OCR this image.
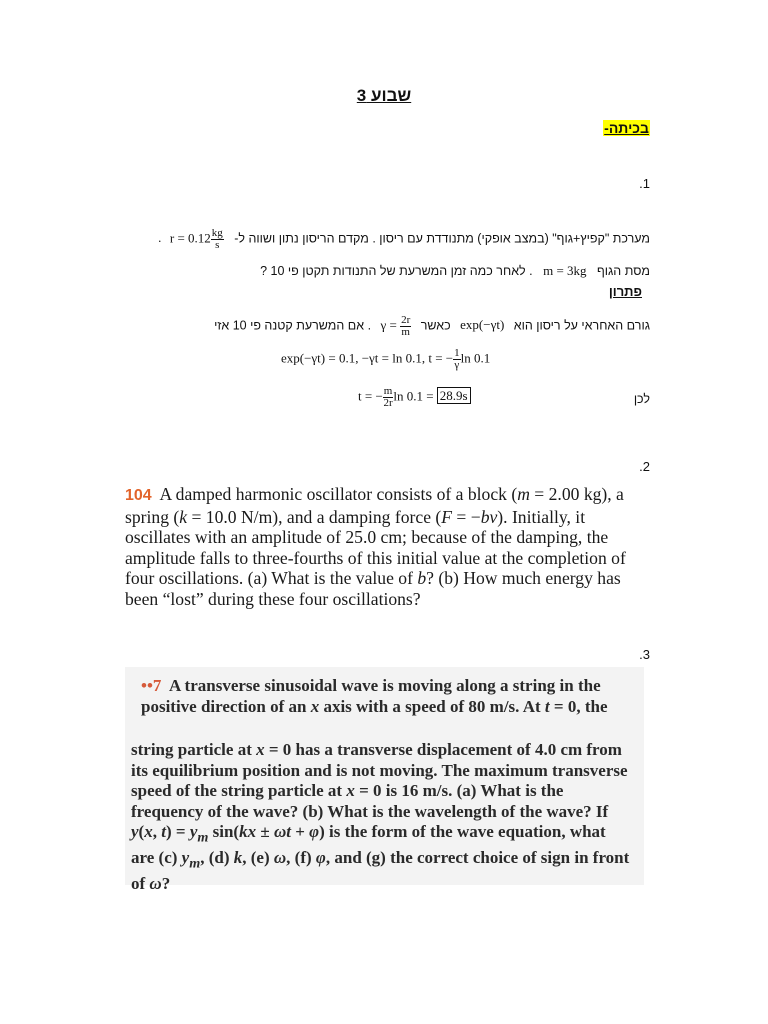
שבוע 3
בכיתה-
.1
מערכת "קפיץ+גוף" (במצב אופקי) מתנודדת עם ריסון . מקדם הריסון נתון ושווה ל- $r = 0.12 \frac{kg}{s}$
.
מסת הגוף m = 3kg . לאחר כמה זמן המשרעת של התנודות תקטן פי 10 ?
פתרון
גורם האחראי על ריסון הוא exp(−γt) כאשר $\gamma = \frac{2r}{m}$
. אם המשרעת קטנה פי 10 אזי
exp(−γt) = 0.1, −γt = ln 0.1, t = − $\frac{1}{\gamma}$ ln 0.1
לכן
t = − $\frac{m}{2r}$ ln 0.1 = 28.9s
.2
104 A damped harmonic oscillator consists of a block (m = 2.00 kg), a spring (k = 10.0 N/m), and a damping force (F = −bv). Initially, it oscillates with an amplitude of 25.0 cm; because of the damping, the amplitude falls to three-fourths of this initial value at the completion of four oscillations. (a) What is the value of b? (b) How much energy has been “lost” during these four oscillations?
.3
••7 A transverse sinusoidal wave is moving along a string in the positive direction of an x axis with a speed of 80 m/s. At t = 0, the
string particle at x = 0 has a transverse displacement of 4.0 cm from its equilibrium position and is not moving. The maximum transverse speed of the string particle at x = 0 is 16 m/s. (a) What is the frequency of the wave? (b) What is the wavelength of the wave? If y(x, $t) = y_m$ sin(kx ± ωt + φ) is the form of the wave equation, what are (c) $y_m$, (d) k, (e) ω, (f) φ, and (g) the correct choice of sign in front of ω?
